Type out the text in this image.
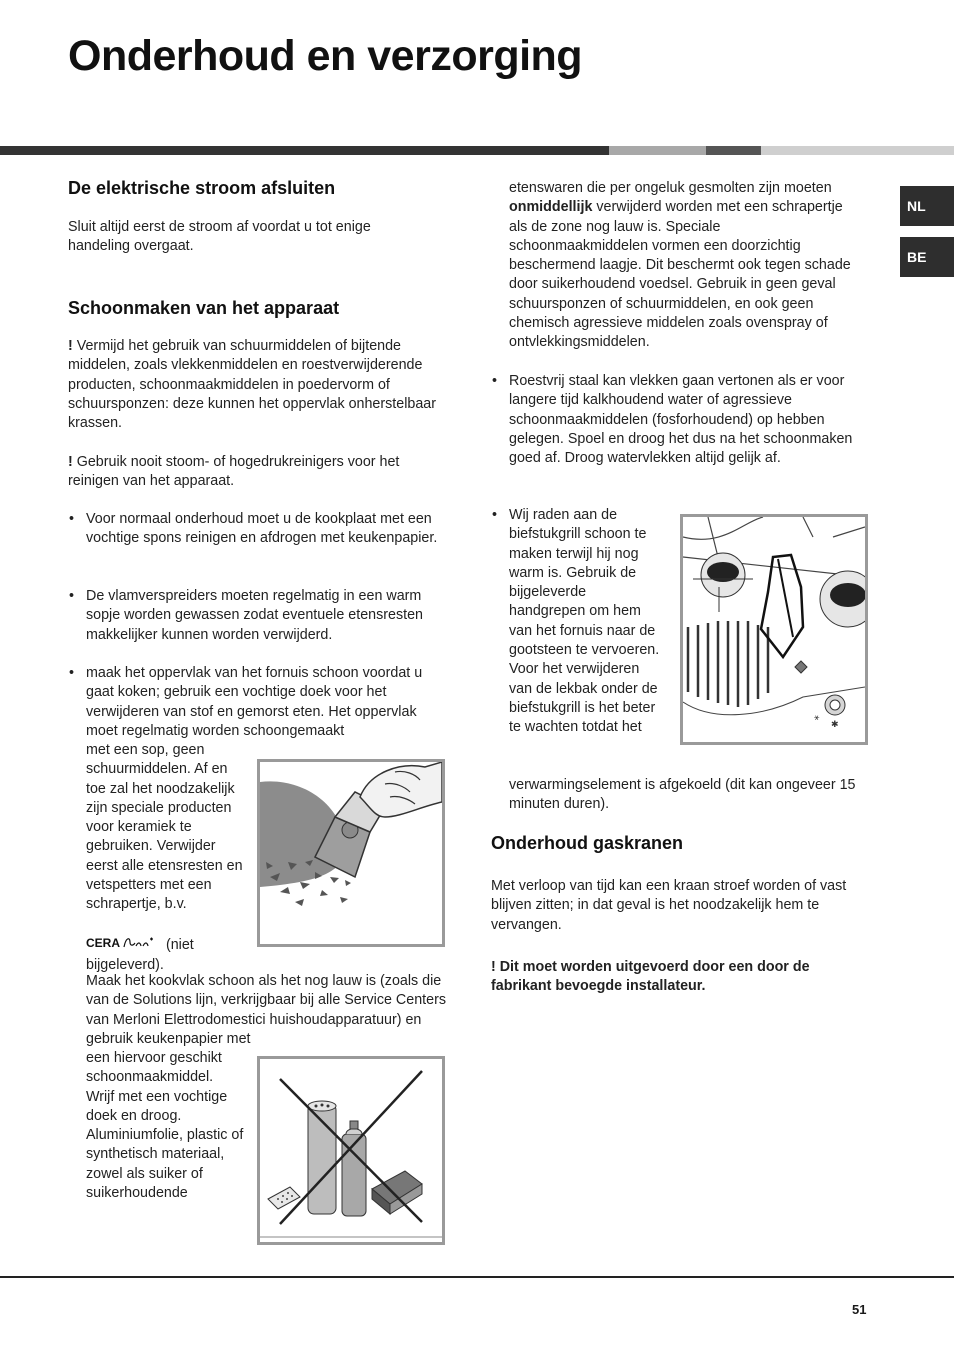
Onderhoud en verzorging
NL
BE
De elektrische stroom afsluiten
Sluit altijd eerst de stroom af voordat u tot enige handeling overgaat.
Schoonmaken van het apparaat
! Vermijd het gebruik van schuurmiddelen of bijtende middelen, zoals vlekkenmiddelen en roestverwijderende producten, schoonmaakmiddelen in poedervorm of schuursponzen: deze kunnen het oppervlak onherstelbaar krassen.
! Gebruik nooit stoom- of hogedrukreinigers voor het reinigen van het apparaat.
• Voor normaal onderhoud moet u de kookplaat met een vochtige spons reinigen en afdrogen met keukenpapier.
• De vlamverspreiders moeten regelmatig in een warm sopje worden gewassen zodat eventuele etensresten makkelijker kunnen worden verwijderd.
• maak het oppervlak van het fornuis schoon voordat u gaat koken; gebruik een vochtige doek voor het verwijderen van stof en gemorst eten. Het oppervlak moet regelmatig worden schoongemaakt
met een sop, geen schuurmiddelen. Af en toe zal het noodzakelijk zijn speciale producten voor keramiek te gebruiken. Verwijder eerst alle etensresten en vetspetters met een schrapertje, b.v.
CERA	(niet bijgeleverd).
Maak het kookvlak schoon als het nog lauw is (zoals die van de Solutions lijn, verkrijgbaar bij alle Service Centers van Merloni Elettrodomestici huishoudapparatuur) en gebruik keukenpapier met
een hiervoor geschikt schoonmaakmiddel. Wrijf met een vochtige doek en droog. Aluminiumfolie, plastic of synthetisch materiaal, zowel als suiker of suikerhoudende
etenswaren die per ongeluk gesmolten zijn moeten onmiddellijk verwijderd worden met een schrapertje als de zone nog lauw is. Speciale schoonmaakmiddelen vormen een doorzichtig beschermend laagje. Dit beschermt ook tegen schade door suikerhoudend voedsel. Gebruik in geen geval schuursponzen of schuurmiddelen, en ook geen chemisch agressieve middelen zoals ovenspray of ontvlekkingsmiddelen.
• Roestvrij staal kan vlekken gaan vertonen als er voor langere tijd kalkhoudend water of agressieve schoonmaakmiddelen (fosforhoudend) op hebben gelegen. Spoel en droog het dus na het schoonmaken goed af. Droog watervlekken altijd gelijk af.
• Wij raden aan de biefstukgrill schoon te maken terwijl hij nog warm is. Gebruik de bijgeleverde handgrepen om hem van het fornuis naar de gootsteen te vervoeren. Voor het verwijderen van de lekbak onder de biefstukgrill is het beter te wachten totdat het
verwarmingselement is afgekoeld (dit kan ongeveer 15 minuten duren).
⚹
✱
Onderhoud gaskranen
Met verloop van tijd kan een kraan stroef worden of vast blijven zitten; in dat geval is het noodzakelijk hem te vervangen.
! Dit moet worden uitgevoerd door een door de fabrikant bevoegde installateur.
51
